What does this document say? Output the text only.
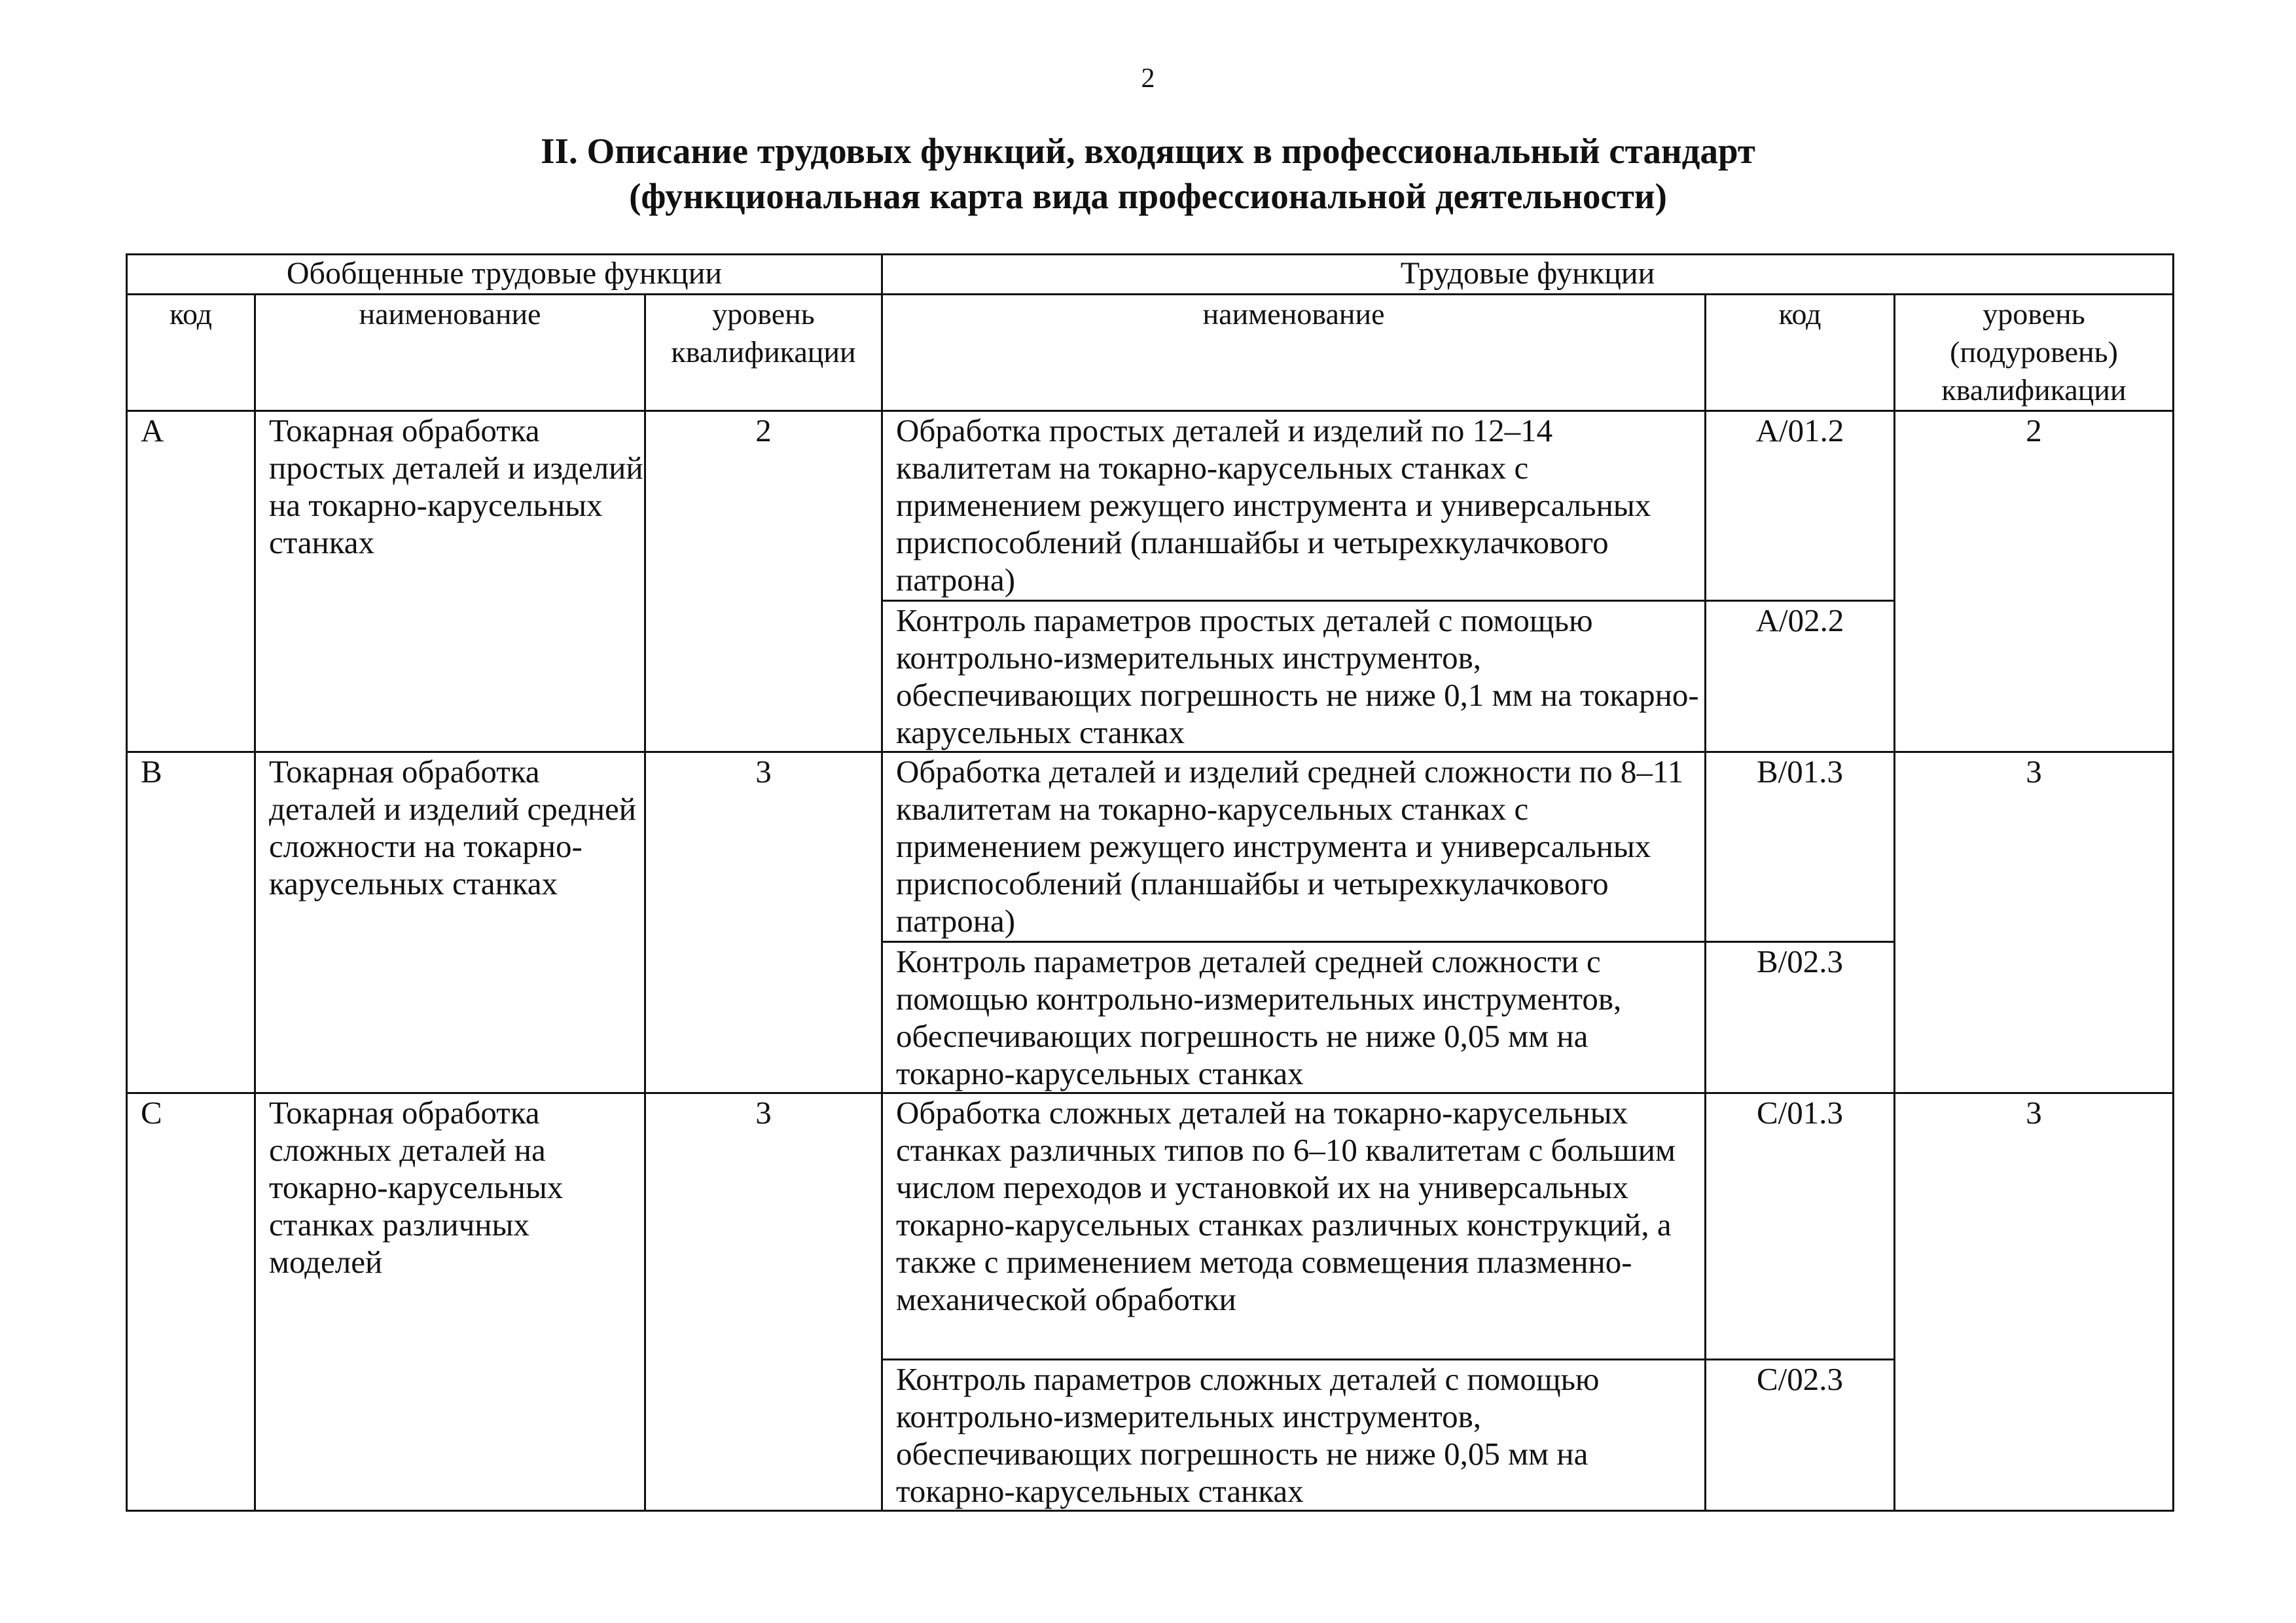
2
II. Описание трудовых функций, входящих в профессиональный стандарт
(функциональная карта вида профессиональной деятельности)
Обобщенные трудовые функции			Трудовые функции		
код	наименование	уровень квалификации	наименование	код	уровень (подуровень) квалификации
A	Токарная обработка простых деталей и изделий на токарно-карусельных станках	2	Обработка простых деталей и изделий по 12–14 квалитетам на токарно-карусельных станках с применением режущего инструмента и универсальных приспособлений (планшайбы и четырехкулачкового патрона)	A/01.2	2
			Контроль параметров простых деталей с помощью контрольно-измерительных инструментов, обеспечивающих погрешность не ниже 0,1 мм на токарно-карусельных станках	A/02.2	
B	Токарная обработка деталей и изделий средней сложности на токарно-карусельных станках	3	Обработка деталей и изделий средней сложности по 8–11 квалитетам на токарно-карусельных станках с применением режущего инструмента и универсальных приспособлений (планшайбы и четырехкулачкового патрона)	B/01.3	3
			Контроль параметров деталей средней сложности с помощью контрольно-измерительных инструментов, обеспечивающих погрешность не ниже 0,05 мм на токарно-карусельных станках	B/02.3	
C	Токарная обработка сложных деталей на токарно-карусельных станках различных моделей	3	Обработка сложных деталей на токарно-карусельных станках различных типов по 6–10 квалитетам с большим числом переходов и установкой их на универсальных токарно-карусельных станках различных конструкций, а также с применением метода совмещения плазменно-механической обработки	C/01.3	3
			Контроль параметров сложных деталей с помощью контрольно-измерительных инструментов, обеспечивающих погрешность не ниже 0,05 мм на токарно-карусельных станках	C/02.3	
